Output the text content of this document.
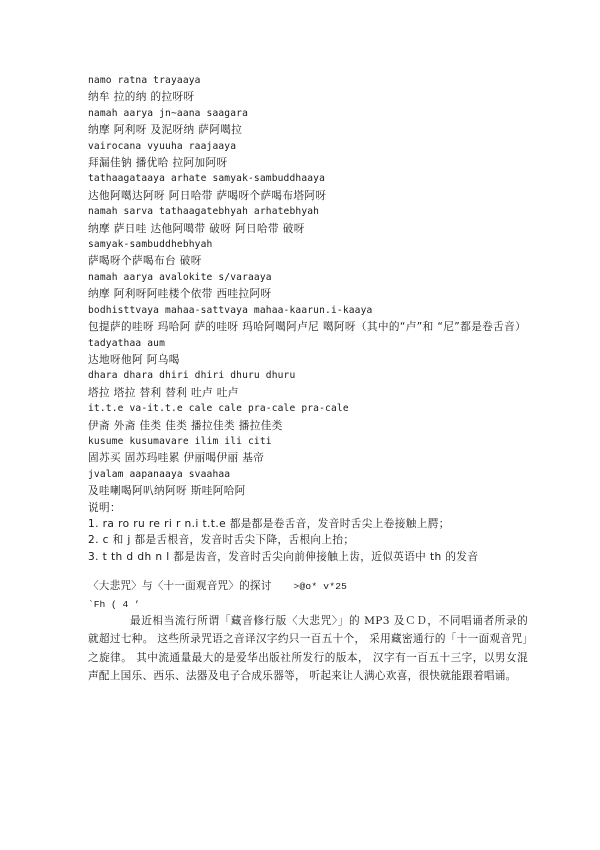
namo ratna trayaaya
纳牟 拉的纳 的拉呀呀
namah aarya jn~aana saagara
纳摩 阿利呀 及泥呀纳 萨阿噶拉
vairocana vyuuha raajaaya
拜漏佳钠 播优哈 拉阿加阿呀
tathaagataaya arhate samyak-sambuddhaaya
达他阿噶达阿呀 阿日哈带 萨喝呀个萨喝布塔阿呀
namah sarva tathaagatebhyah arhatebhyah
纳摩 萨日哇 达他阿噶带 破呀 阿日哈带 破呀
samyak-sambuddhebhyah
萨喝呀个萨喝布台 破呀
namah aarya avalokite s/varaaya
纳摩 阿利呀阿哇楼个依带 西哇拉阿呀
bodhisttvaya mahaa-sattvaya mahaa-kaarun.i-kaaya
包提萨的哇呀 玛哈阿 萨的哇呀 玛哈阿噶阿卢尼 噶阿呀（其中的“卢”和 “尼”都是卷舌音）
tadyathaa aum
达地呀他阿 阿乌喝
dhara dhara dhiri dhiri dhuru dhuru
塔拉 塔拉 替利 替利 吐卢 吐卢
it.t.e va-it.t.e cale cale pra-cale pra-cale
伊斋 外斋 佳类 佳类 播拉佳类 播拉佳类
kusume kusumavare ilim ili citi
固苏买 固苏玛哇累 伊丽喝伊丽 基帝
jvalam aapanaaya svaahaa
及哇喇喝阿叭纳阿呀 斯哇阿哈阿
说明：
1. ra ro ru re ri r n.i t.t.e 都是都是卷舌音，发音时舌尖上卷接触上腭；
2. c 和 j 都是舌根音，发音时舌尖下降，舌根向上抬；
3. t th d dh n l 都是齿音，发音时舌尖向前伸接触上齿，近似英语中 th 的发音
〈大悲咒〉与〈十一面观音咒〉的探讨 >@o* v*25
`Fh ( 4 ’
最近相当流行所谓「藏音修行版〈大悲咒〉」的 MP3 及ＣＤ，不同唱诵者所录的就超过七种。 这些所录咒语之音译汉字约只一百五十个， 采用藏密通行的「十一面观音咒」之旋律。 其中流通量最大的是爱华出版社所发行的版本， 汉字有一百五十三字，以男女混声配上国乐、西乐、法器及电子合成乐器等， 听起来让人满心欢喜，很快就能跟着唱诵。
